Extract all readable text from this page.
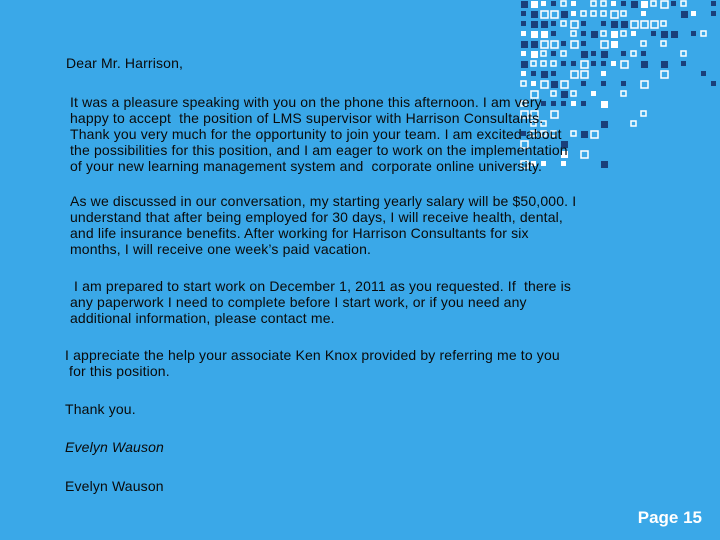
Dear Mr. Harrison,

It was a pleasure speaking with you on the phone this afternoon. I am very

happy to accept  the position of LMS supervisor with Harrison Consultants.

Thank you very much for the opportunity to join your team. I am excited about

the possibilities for this position, and I am eager to work on the implementation

of your new learning management system and  corporate online university.

As we discussed in our conversation, my starting yearly salary will be $50,000. I

understand that after being employed for 30 days, I will receive health, dental,

and life insurance benefits. After working for Harrison Consultants for six

months, I will receive one week’s paid vacation.

I am prepared to start work on December 1, 2011 as you requested. If  there is

any paperwork I need to complete before I start work, or if you need any

additional information, please contact me.

I appreciate the help your associate Ken Knox provided by referring me to you

for this position.

Thank you.

Evelyn Wauson

Evelyn Wauson

Page 15
